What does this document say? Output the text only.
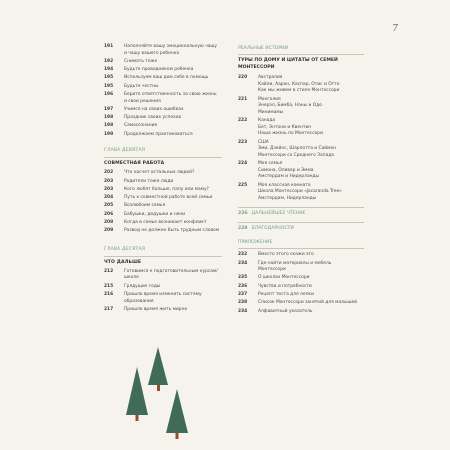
7
191	Наполняйте вашу эмоциональную чашу
и чашу вашего ребенка
192	Снимать тоже
194	Будьте проводником ребенка
195	Используем ваш дом себе в помощь
195	Будьте честны
196	Берите ответственность за свою жизнь
и свои решения
197	Учимся на своих ошибках
198	Праздник своих успехов
198	Самосознание
199	Продолжаем практиковаться
ГЛАВА ДЕВЯТАЯ
СОВМЕСТНАЯ РАБОТА
202	Что насчет остальных людей?
203	Родители тоже люди
203	Кого любят больше, папу или маму?
204	Путь к совместной работе всей семьи
205	Возлюбоим семья
206	Бабушки, дедушки и няни
208	Когда в семье возникает конфликт
209	Развод не должен быть трудным словом
ГЛАВА ДЕСЯТАЯ
ЧТО ДАЛЬШЕ
212	Готовимся к подготовительным курсам/
школе
215	Грядущие годы
216	Пришло время изменить систему
образования
217	Пришло время жить мирно
РЕАЛЬНЫЕ ИСТОРИИ
ТУРЫ ПО ДОМУ И ЦИТАТЫ ОТ СЕМЕЙ
МОНТЕССОРИ
220	Австралия
Кайли, Аарон, Каспар, Отис и Отто
Как мы живем в стиле Монтессори
221	Монголия
Энерэл, Бимба, Наны и Одо
Минимамы
222	Канада
Бет, Энтони и Квентин
Наша жизнь по Монтессори
223	США
Эми, Дзейнс, Шарлотта и Саймон
Монтессори со Среднего Запада
224	Моя семья
Симона, Оливер и Эмма
Амстердам и Нидерланды
225	Моя классная комната
Школа Монтессори «Jacaranda Tree»
Амстердам, Нидерланды
226 ДАЛЬНЕЙШЕЕ ЧТЕНИЕ
228 БЛАГОДАРНОСТИ
ПРИЛОЖЕНИЕ
232	Вместо этого скажи это
234	Где найти материалы и мебель
Монтессори
235	О школах Монтессори
236	Чувства и потребности
237	Рецепт теста для лепки
238	Список Монтессори занятий для малышей
234	Алфавитный указатель
